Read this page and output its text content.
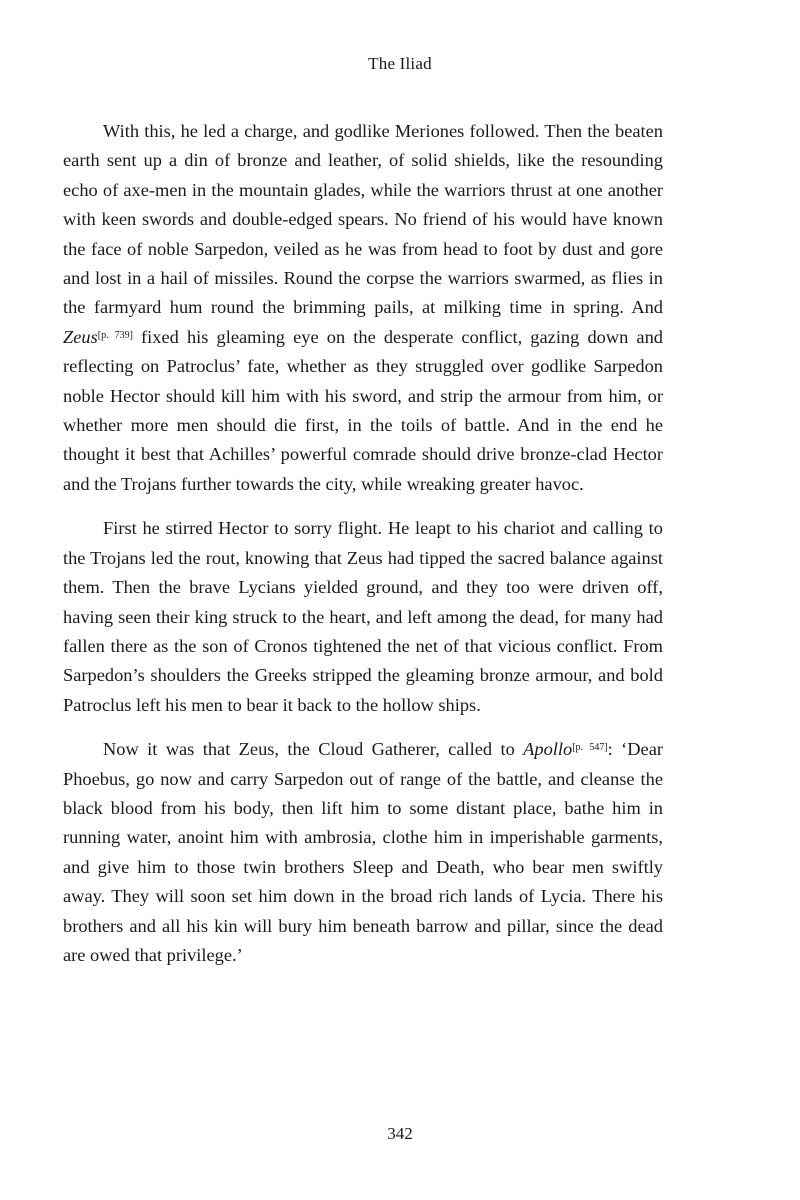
The Iliad

With this, he led a charge, and godlike Meriones followed. Then the beaten earth sent up a din of bronze and leather, of solid shields, like the resounding echo of axe-men in the mountain glades, while the warriors thrust at one another with keen swords and double-edged spears. No friend of his would have known the face of noble Sarpedon, veiled as he was from head to foot by dust and gore and lost in a hail of missiles. Round the corpse the warriors swarmed, as flies in the farmyard hum round the brimming pails, at milking time in spring. And Zeus[p. 739] fixed his gleaming eye on the desperate conflict, gazing down and reflecting on Patroclus’ fate, whether as they struggled over godlike Sarpedon noble Hector should kill him with his sword, and strip the armour from him, or whether more men should die first, in the toils of battle. And in the end he thought it best that Achilles’ powerful comrade should drive bronze-clad Hector and the Trojans further towards the city, while wreaking greater havoc.

First he stirred Hector to sorry flight. He leapt to his chariot and calling to the Trojans led the rout, knowing that Zeus had tipped the sacred balance against them. Then the brave Lycians yielded ground, and they too were driven off, having seen their king struck to the heart, and left among the dead, for many had fallen there as the son of Cronos tightened the net of that vicious conflict. From Sarpedon’s shoulders the Greeks stripped the gleaming bronze armour, and bold Patroclus left his men to bear it back to the hollow ships.

Now it was that Zeus, the Cloud Gatherer, called to Apollo[p. 547]: ‘Dear Phoebus, go now and carry Sarpedon out of range of the battle, and cleanse the black blood from his body, then lift him to some distant place, bathe him in running water, anoint him with ambrosia, clothe him in imperishable garments, and give him to those twin brothers Sleep and Death, who bear men swiftly away. They will soon set him down in the broad rich lands of Lycia. There his brothers and all his kin will bury him beneath barrow and pillar, since the dead are owed that privilege.’

342
